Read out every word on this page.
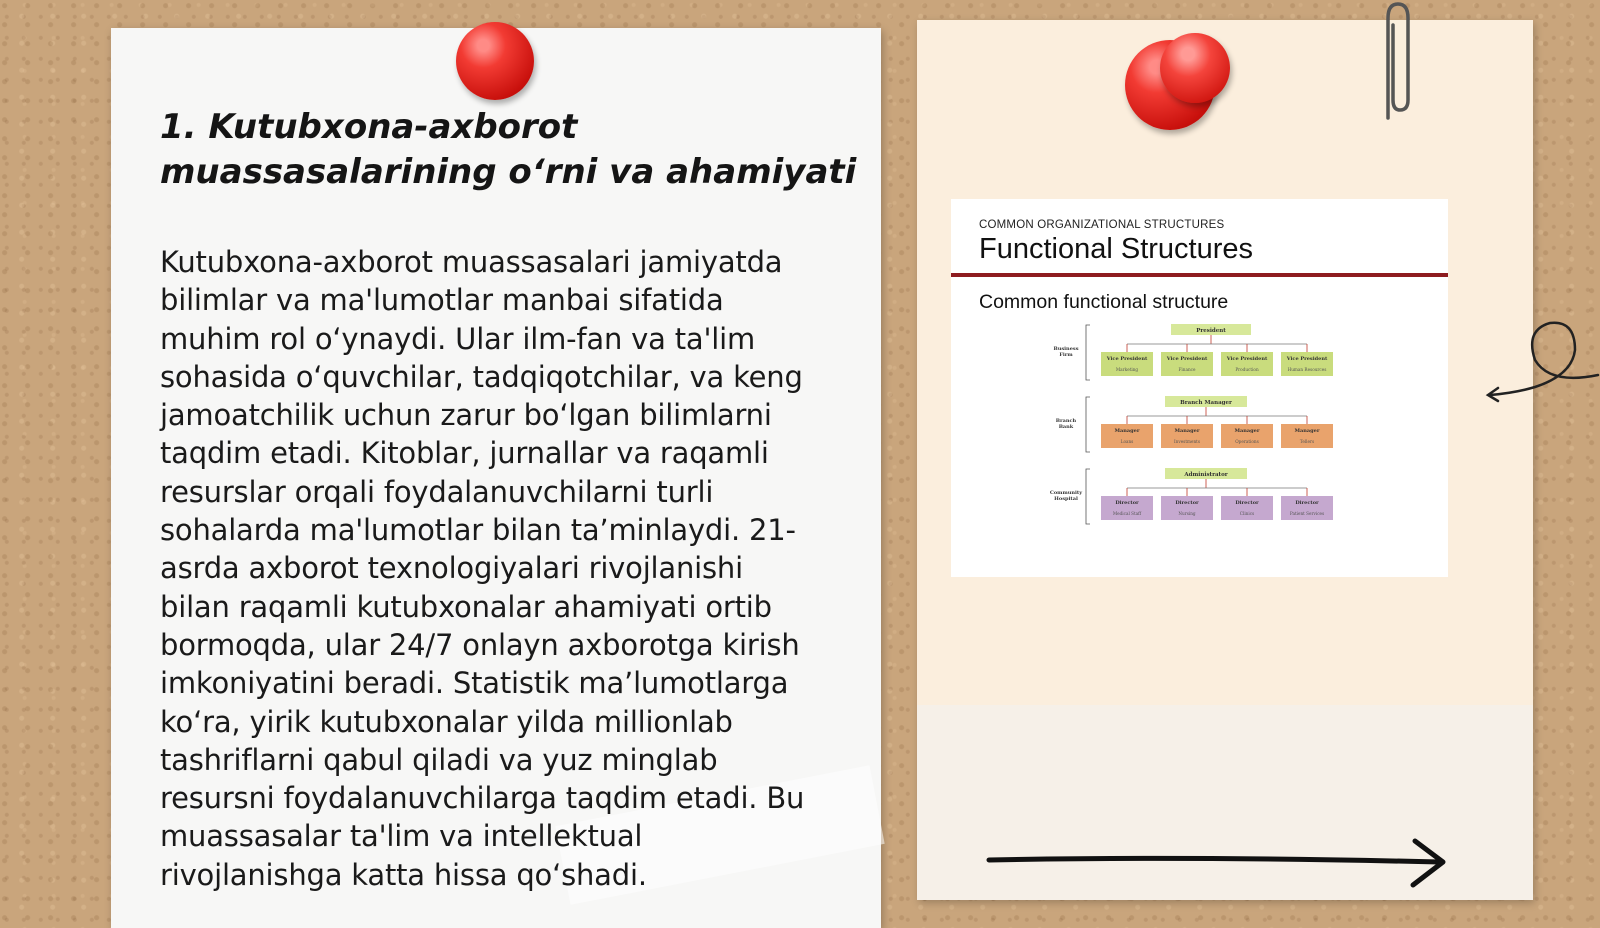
1. Kutubxona-axborot
muassasalarining o‘rni va ahamiyati

Kutubxona-axborot muassasalari jamiyatda
bilimlar va ma'lumotlar manbai sifatida
muhim rol o‘ynaydi. Ular ilm-fan va ta'lim
sohasida o‘quvchilar, tadqiqotchilar, va keng
jamoatchilik uchun zarur bo‘lgan bilimlarni
taqdim etadi. Kitoblar, jurnallar va raqamli
resurslar orqali foydalanuvchilarni turli
sohalarda ma'lumotlar bilan ta’minlaydi. 21-
asrda axborot texnologiyalari rivojlanishi
bilan raqamli kutubxonalar ahamiyati ortib
bormoqda, ular 24/7 onlayn axborotga kirish
imkoniyatini beradi. Statistik ma’lumotlarga
ko‘ra, yirik kutubxonalar yilda millionlab
tashriflarni qabul qiladi va yuz minglab
resursni foydalanuvchilarga taqdim etadi. Bu
muassasalar ta'lim va intellektual
rivojlanishga katta hissa qo‘shadi.

COMMON ORGANIZATIONAL STRUCTURES
Functional Structures
Common functional structure
Business
Firm
President
Vice President
Marketing
Vice President
Finance
Vice President
Production
Vice President
Human Resources
Branch
Bank
Branch Manager
Manager
Loans
Manager
Investments
Manager
Operations
Manager
Tellers
Community
Hospital
Administrator
Director
Medical Staff
Director
Nursing
Director
Clinics
Director
Patient Services
